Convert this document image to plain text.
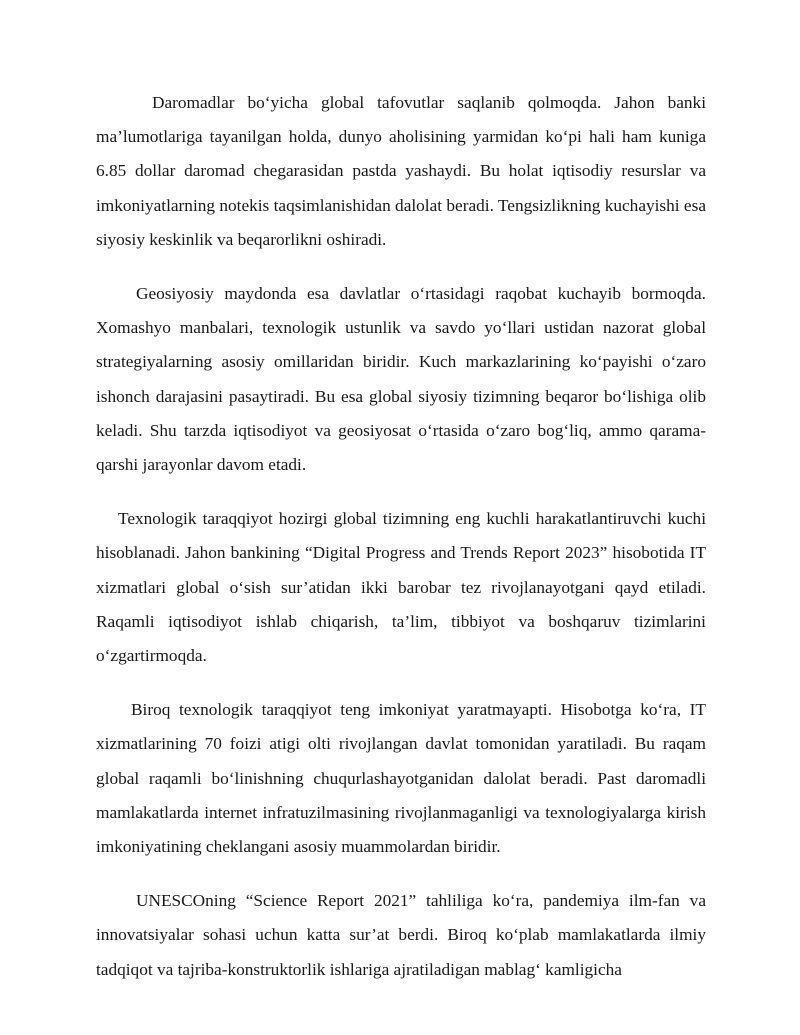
Daromadlar bo‘yicha global tafovutlar saqlanib qolmoqda. Jahon banki ma’lumotlariga tayanilgan holda, dunyo aholisining yarmidan ko‘pi hali ham kuniga 6.85 dollar daromad chegarasidan pastda yashaydi. Bu holat iqtisodiy resurslar va imkoniyatlarning notekis taqsimlanishidan dalolat beradi. Tengsizlikning kuchayishi esa siyosiy keskinlik va beqarorlikni oshiradi.

Geosiyosiy maydonda esa davlatlar o‘rtasidagi raqobat kuchayib bormoqda. Xomashyo manbalari, texnologik ustunlik va savdo yo‘llari ustidan nazorat global strategiyalarning asosiy omillaridan biridir. Kuch markazlarining ko‘payishi o‘zaro ishonch darajasini pasaytiradi. Bu esa global siyosiy tizimning beqaror bo‘lishiga olib keladi. Shu tarzda iqtisodiyot va geosiyosat o‘rtasida o‘zaro bog‘liq, ammo qarama-qarshi jarayonlar davom etadi.

Texnologik taraqqiyot hozirgi global tizimning eng kuchli harakatlantiruvchi kuchi hisoblanadi. Jahon bankining “Digital Progress and Trends Report 2023” hisobotida IT xizmatlari global o‘sish sur’atidan ikki barobar tez rivojlanayotgani qayd etiladi. Raqamli iqtisodiyot ishlab chiqarish, ta’lim, tibbiyot va boshqaruv tizimlarini o‘zgartirmoqda.

Biroq texnologik taraqqiyot teng imkoniyat yaratmayapti. Hisobotga ko‘ra, IT xizmatlarining 70 foizi atigi olti rivojlangan davlat tomonidan yaratiladi. Bu raqam global raqamli bo‘linishning chuqurlashayotganidan dalolat beradi. Past daromadli mamlakatlarda internet infratuzilmasining rivojlanmaganligi va texnologiyalarga kirish imkoniyatining cheklangani asosiy muammolardan biridir.

UNESCOning “Science Report 2021” tahliliga ko‘ra, pandemiya ilm-fan va innovatsiyalar sohasi uchun katta sur’at berdi. Biroq ko‘plab mamlakatlarda ilmiy tadqiqot va tajriba-konstruktorlik ishlariga ajratiladigan mablag‘ kamligicha
